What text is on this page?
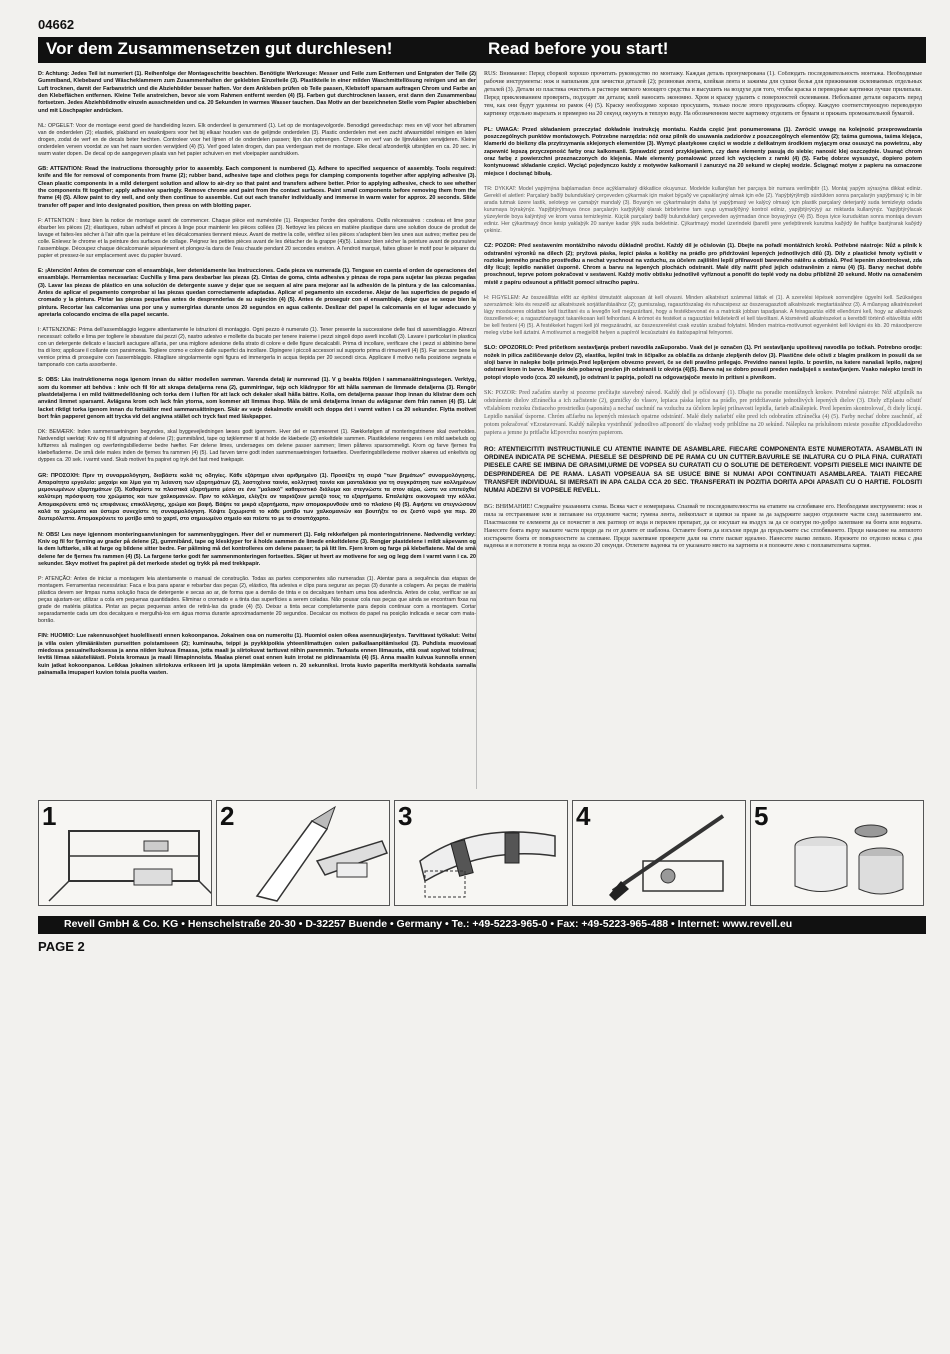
04662
Vor dem Zusammensetzen gut durchlesen!	Read before you start!

D: Achtung: Jedes Teil ist numeriert (1). Reihenfolge der Montageschritte beachten. Benötigte Werkzeuge: Messer und Feile zum Entfernen und Entgraten der Teile (2) Gummiband, Klebeband und Wäscheklammern zum Zusammenhalten der geklebten Einzelteile (3). Plastikteile in einer milden Waschmittellösung reinigen und an der Luft trocknen, damit der Farbanstrich und die Abziehbilder besser haften. Vor dem Ankleben prüfen ob Teile passen, Klebstoff sparsam auftragen Chrom und Farbe an den Klebeflächen entfernen. Kleine Teile anstreichen, bevor sie vom Rahmen entfernt werden (4) (5). Farben gut durchtrocknen lassen, erst dann den Zusammenbau fortsetzen. Jedes Abziehbildmotiv einzeln ausschneiden und ca. 20 Sekunden in warmes Wasser tauchen. Das Motiv an der bezeichneten Stelle vom Papier abschieben und mit Löschpapier andrücken.

NL: OPGELET: Voor de montage eerst goed de handleiding lezen. Elk onderdeel is genummerd (1). Let op de montagevolgorde. Benodigd gereedschap: mes en vijl voor het afbramen van de onderdelen (2); elastiek, plakband en wasknijpers voor het bij elkaar houden van de gelijmde onderdelen (3). Plastic onderdelen met een zacht afwasmiddel reinigen en laten drogen, zodat de verf en de decals beter hechten. Controleer voor het lijmen of de onderdelen passen; lijm dun opbrengen. Chroom en verf van de lijmvlakken verwijderen. Kleine onderdelen verven voordat ze van het raam worden verwijderd (4) (5). Verf goed laten drogen, dan pas verdergaan met de montage. Elke decal afzonderlijk uitsnijden en ca. 20 sec. in warm water dopen. De decal op de aangegeven plaats van het papier schuiven en met vloeipapier aandrukken.

GB: ATTENTION: Read the instructions thoroughly prior to assembly. Each component is numbered (1). Adhere to specified sequence of assembly. Tools required: knife and file for removal of components from frame (2); rubber band, adhesive tape and clothes pegs for clamping components together after applying adhesive (3). Clean plastic components in a mild detergent solution and allow to air-dry so that paint and transfers adhere better. Prior to applying adhesive, check to see whether the components fit together; apply adhesive sparingly. Remove chrome and paint from the contact surfaces. Paint small components before removing them from the frame (4) (5). Allow paint to dry well, and only then continue to assemble. Cut out each transfer individually and immerse in warm water for approx. 20 seconds. Slide transfer off paper and into designated position, then press on with blotting paper.

F: ATTENTION : lisez bien la notice de montage avant de commencer. Chaque pièce est numérotée (1). Respectez l'ordre des opérations. Outils nécessaires : couteau et lime pour ébarber les pièces (2); élastiques, ruban adhésif et pinces à linge pour maintenir les pièces collées (3). Nettoyez les pièces en matière plastique dans une solution douce de produit de lavage et faites-les sécher à l'air afin que la peinture et les décalcomanies tiennent mieux. Avant de mettre la colle, vérifiez si les pièces s'adaptent bien les unes aux autres; mettez peu de colle. Enlevez le chrome et la peinture des surfaces de collage. Peignez les petites pièces avant de les détacher de la grappe (4)(5). Laissez bien sécher la peinture avant de poursuivre l'assemblage. Découpez chaque décalcomanie séparément et plongez-la dans de l'eau chaude pendant 20 secondes environ. A l'endroit marqué, faites glisser le motif pour le séparer du papier et pressez-le sur emplacement avec du papier buvard.

E: ¡Atención! Antes de comenzar con el ensamblaje, leer detenidamente las instrucciones. Cada pieza va numerada (1). Tengase en cuenta el orden de operaciones del ensamblaje. Herramientas necesarias: Cuchilla y lima para desbarbar las piezas (2). Cintas de goma, cinta adhesiva y pinzas de ropa para sujetar las piezas pegadas (3). Lavar las piezas de plástico en una solución de detergente suave y dejar que se sequen al aire para mejorar así la adhesión de la pintura y de las calcomanías. Antes de aplicar el pegamento comprobar si las piezas quedan correctamente adaptadas. Aplicar el pegamento sin excederse. Alejar de las superficies de pegado el cromado y la pintura. Pintar las piezas pequeñas antes de desprenderlas de su sujeción (4) (5). Antes de proseguir con el ensamblaje, dejar que se seque bien la pintura. Recortar las calcomanías una por una y sumergirlas durante unos 20 segundos en agua caliente. Deslizar del papel la calcomanía en el lugar adecuado y apretarla colocando encima de ella papel secante.

I: ATTENZIONE: Prima dell'assemblaggio leggere attentamente le istruzioni di montaggio. Ogni pezzo è numerato (1). Tener presente la successione delle fasi di assemblaggio. Attrezzi necessari: coltello e lima per togliere le sbavature dai pezzi (2), nastro adesivo e mollette da bucato per tenere insieme i pezzi singoli dopo averli incollati (3). Lavare i particolari in plastica con un detergente delicato e lasciarli asciugare all'aria, per una migliore adesione della strato di colore e delle figure decalcabili. Prima di incollare, verificare che i pezzi si abbinino bene tra di loro; applicare il collante con parsimonia. Togliere cromo e colore dalle superfici da incollare. Dipingere i piccoli accessori sul supporto prima di rimuoverli (4) (5). Far seccare bene la vernice prima di proseguire con l'assemblaggio. Ritagliare singolarmente ogni figura ed immergerla in acqua tiepida per 20 secondi circa. Applicare il motivo nella posizione segnata e tamponarlo con carta assorbente.

S: OBS: Läs instruktionerna noga igenom innan du sätter modellen samman. Varenda detalj är numrerad (1). V g beakta följden i sammansättningsstegen. Verktyg, som du kommer att behöva : kniv och fil för att skrapa detaljerna rena (2), gummiringar, tejp och klädnypor för att hålla samman de limmade detaljerna (3). Rengör plastdetaljerna i en mild tvättmedellösning och torka dem i luften för att lack och dekaler skall hålla bättre. Kolla, om detaljerna passar ihop innan du klistrar dem och använd limmet sparsamt. Avlägsna krom och lack från ytorna, som kommer att limmas ihop. Måla de små detaljerna innan du avlägsnar dem från ramen (4) (5). Låt lacket riktigt torka igenom innan du fortsätter med sammansättningen. Skär av varje dekalmotiv enskilt och doppa det i varmt vatten i ca 20 sekunder. Flytta motivet bort från papperet genom att trycka vid det angivna stället och tryck fast med läskpapper.

DK: BEMÆRK: Inden sammensætningen begyndes, skal byggevejledningen læses godt igennem. Hver del er nummereret (1). Rækkefølgen af monteringstrinene skal overholdes. Nødvendigt værktøj: Kniv og fil til afgratning af delene (2); gummibånd, tape og tøjklemmer til at holde de klæbede (3) enkeltdele sammen. Plastikdelene rengøres i en mild sæbeluds og lufttørres så malingen og overføringsbillederne bedre hæfter. Før delene limes, undersøges om delene passer sammen; limen påføres sparsommeligt. Krom og farve fjernes fra klæbefladerne. De små dele males inden de fjernes fra rammen (4) (5). Lad farven tørre godt inden sammensætningen fortsættes. Overføringsbillederne motiver skæres ud enkeltvis og dyppes ca. 20 sek. i varmt vand. Skub motivet fra papiret og tryk det fast med trækpapir.

GR: ΠΡΟΣΟΧΗ: Πριν τη συναρμολόγηση, διαβάστε καλά τις οδηγίες. Κάθε εξάρτημα είναι αριθμημένο (1). Προσέξτε τη σειρά "των βημάτων" συναρμολόγησης. Απαραίτητα εργαλεία: μαχαίρι και λίμα για τη λείανση των εξαρτημάτων (2), λαστιχένια ταινία, κολλητική ταινία και μανταλάκια για τη συγκράτηση των κολλημένων μεμονωμένων εξαρτημάτων (3). Καθαρίστε τα πλαστικά εξαρτήματα μέσα σε ένα "μαλακό" καθαριστικό διάλυμα και στεγνώστε τα στον αέρα, ώστε να επιτεύχθεί καλύτερη πρόσφυση του χρώματος και των χαλκομανιών. Πριν το κόλλημα, ελέγξτε αν ταιριάζουν μεταξύ τους τα εξαρτήματα. Επαλείψτε οικονομικά την κόλλα. Απομακρύνετε από τις επιφάνειες επικόλλησης, χρώμα και βαφή. Βάψτε τα μικρά εξαρτήματα, πριν απομακρυνθούν από το πλαίσιο (4) (5). Αφήστε να στεγνώσουν καλά τα χρώματα και ύστερα συνεχίστε τη συναρμολόγηση. Κόψτε ξεχωριστά το κάθε μοτίβο των χαλκομανιών και βουτήξτε το σε ζεστό νερό για περ. 20 δευτερόλεπτα. Απομακρύνετε το μοτίβο από το χαρτί, στο σημειωμένο σημείο και πιέστε το με το στουπόχαρτο.

N: OBS! Les nøye igjennom monteringsanvisningen for sammenbyggingen. Hver del er nummerert (1). Følg rekkefølgen på monteringstrinnene. Nødvendig verktøy: Kniv og fil for fjerning av grader på delene (2), gummibånd, tape og klesklyper for å holde sammen de limede enkeltdelene (3). Rengjør plastdelene i mildt såpevann og la dem lufttørke, slik at farge og bildene sitter bedre. Før påliming må det kontrolleres om delene passer; ta på litt lim. Fjern krom og farge på klebeflatene. Mal de små delene før de fjernes fra rammen (4) (5). La fargene tørke godt før sammenmonteringen fortsettes. Skjær ut hvert av motivene for seg og legg dem i varmt vann i ca. 20 sekunder. Skyv motivet fra papiret på det merkede stedet og trykk på med trekkpapir.

P: ATENÇÃO: Antes de iniciar a montagem leia atentamente o manual de construção. Todas as partes componentes são numeradas (1). Atentar para a sequência das etapas de montagem. Ferramentas necessárias: Faca e lixa para aparar e rebarbar das peças (2), elástico, fita adesiva e clips para segurar as peças (3) durante a colagem. As peças de matéria plástica devem ser limpas numa solução fraca de detergente e secas ao ar, de forma que a demão de tinta e os decalques tenham uma boa aderência. Antes de colar, verificar se as peças ajustam-se; utilizar a cola em pequenas quantidades. Eliminar o cromado e a tinta das superfícies a serem coladas. Não pousar cola nas peças que ainda se encontram fixas na grade de matéria plástica. Pintar as peças pequenas antes de retirá-las da grade (4) (5). Deixar a tinta secar completamente para depois continuar com a montagem. Cortar separadamente cada um dos decalques e mergulhá-los em água morna durante aproximadamente 20 segundos. Decalcar os motivos do papel na posição indicada e secar com mata-borrão.

FIN: HUOMIO: Lue rakennusohjeet huolellisesti ennen kokoonpanoa. Jokainen osa on numeroitu (1). Huomioi osien oikea asennusjärjestys. Tarvittavat työkalut: Veitsi ja viila osien ylimääräisten purseitten poistamiseen (2); kuminauha, teippi ja pyykkipoikia yhteenliimattujen osien paikallaanpitämiseksi (3). Puhdista muoviosat miedossa pesuainelluoksessa ja anna niiden kuivua ilmassa, jotta maali ja siirtokuvat tarttuvat niihin paremmin. Tarkasta ennen liimausta, että osat sopivat toisiinsa; levitä liimaa säästeliäästi. Poista kromaus ja maali liimapinnoista. Maalaa pienet osat ennen kuin irrotat ne pidinraamista (4) (5). Anna maalin kuivua kunnolla ennen kuin jatkat kokoonpanoa. Leikkaa jokainen siirtokuva erikseen irti ja upota lämpimään veteen n. 20 sekunniksi. Irrota kuvio paperilta merkitystä kohdasta samalla painamalla imupaperi kuvion toisia puolta vasten.

RUS: Внимание: Перед сборкой хорошо прочитать руководство по монтажу. Каждая деталь пронумерована (1). Соблюдать последовательность монтажа. Необходимые рабочие инструменты: нож и напильник для зачистки деталей (2); резиновая лента, клейкая лента и зажимы для сушки белья для прижимания склеиваемых отдельных деталей (3). Детали из пластика очистить в растворе мягкого моющего средства и высушить на воздухе для того, чтобы краска и переводные картинки лучше прилипали. Перед приклеиванием проверить, подходят ли детали; клей наносить экономно. Хром и краску удалить с поверхностей склеивания. Небольшие детали окрасить перед тем, как они будут удалены из рамок (4) (5). Краску необходимо хорошо просушить, только после этого продолжать сборку. Каждую соответствующую переводную картинку отдельно вырезать и примерно на 20 секунд окунуть в теплую воду. На обозначенном месте картинку отделить от бумаги и прижать промокательной бумагой.

PL: UWAGA: Przed składaniem przeczytać dokładnie instrukcję montażu. Każda część jest ponumerowana (1). Zwrócić uwagę na kolejność przeprowadzania poszczególnych punktów montażowych. Potrzebne narzędzia: nóż oraz pilnik do usuwania zadziorów z poszczególnych elementów (2); taśma gumowa, taśma klejąca, klamerki do bielizny dla przytrzymania sklejonych elementów (3). Wymyć plastykowe części w wodzie z delikatnym środkiem myjącym oraz osuszyć na powietrzu, aby zapewnić lepszą przyczepność farby oraz kalkomanii. Sprawdzić przed przyklejaniem, czy dane elementy pasują do siebie; nanosić klej oszczędnie. Usunąć chrom oraz farbę z powierzchni przeznaczonych do klejenia. Małe elementy pomalować przed ich wycięciem z ramki (4) (5). Farbę dobrze wysuszyć, dopiero potem kontynuować składanie części. Wyciąć pojedynczo każdy z motywów kalkomanii i zanurzyć na 20 sekund w ciepłej wodzie. Ściągnąć motyw z papieru na oznaczone miejsce i docisnąć bibułą.

TR: DYKKAT: Model yapýmýna baþlamadan önce açýklamalarý dikkatlice okuyunuz. Modelde kullanýlan her parçaya bir numara verilmiþtir (1). Montaj yapým sýrasýna dikkat ediniz. Gerekli el aletleri: Parçalarý baðlý bulunduklarý çerçeveden çýkarmak için maket býçaðý ve çapaklarýný almak için eðe (2). Yapýþtýrýlmýþ sürdükten sonra parçalarýn yapýþmasý iç in bir arada tutmak üzere lastik, seloteyp ve çamaþýr mandalý (3). Boyanýn ve çýkartmalarýn daha iyi yapýþmasý ve kalýcý olmasý için plastik parçalarý deterjanlý suda temizleyip odada kurumaya býrakýnýz. Yapýþtýrýlmaya önce parçalarýn karþýlýklý olarak birbirlerine tam uyup uymadýðýný kontrol ediniz, yapýþtýrýcýyý az miktarda kullanýnýz. Yapýþtýrýlacak yüzeylerde boya kalýntýsý ve krom varsa temizleyiniz. Küçük parçalarý baðlý bulunduklarý çerçeveden ayýrmadan önce boyayýnýz (4) (5). Boya iyice kuruduktan sonra montaja devam ediniz. Her çýkartmayý önce kesip yaklaþýk 20 saniye kadar ýlýk suda bekletiniz. Çýkartmayý model üzerindeki iþaretli yere yerleþtirerek kurutma kaðýdý ile hafifçe bastýrarak kaðýdý çekiniz.

CZ: POZOR: Před sestavením montážního návodu důkladně pročíst. Každý díl je očíslován (1). Dbejte na pořadí montážních kroků. Potřebné nástroje: Nůž a pilník k odstranění výronků na dílech (2); pryžová páska, lepicí páska a kolíčky na prádlo pro přidržování lepených jednotlivých dílů (3). Díly z plastické hmoty vyčistit v roztoku jemného pracího prostředku a nechat vyschnout na vzduchu, za účelem zajištění lepší přilnavosti barevného nátěru a obtisků. Před lepením zkontrolovat, zda díly lícují; lepidlo nanášet úsporně. Chrom a barvu na lepených plochách odstranit. Malé díly natřít před jejich odstraněním z rámu (4) (5). Barvy nechat dobře proschnout, teprve potom pokračovat v sestavení. Každý motiv obtisku jednotlivě vyříznout a ponořit do teplé vody na dobu přibližně 20 sekund. Motiv na označeném místě z papíru odsunout a přitlačit pomocí sitracího papíru.

H: FIGYELEM: Az összeállítás előtt az építési útmutatót alaposan át kell olvasni. Minden alkatrészt számmal láttak el (1). A szerelési lépések sorrendjére ügyelni kell. Szükséges szerszámok: kés és reszelő az alkatrészek sorjátlanításához (2); gumiszalag, ragasztószalag és ruhacsipesz az összeragasztott alkatrészek megtartásához (3). A műanyag alkatrészeket lágy mosószeres oldatban kell tisztítani és a levegőn kell megszárítani, hogy a festékbevonat és a matricák jobban tapadjanak. A feiragasztás előtt ellenőrizni kell, hogy az alkatrészek összeillenek-e; a ragasztóanyagot takarékosan kell felhordani. A krómot és festéket a ragasztási felületekről el kell távolítani. A kisméretű alkatrészeket a keretből történő eltávolítás előtt be kell festeni (4) (5). A festékeket hagyni kell jól megszáradni, az összeszerelést csak ezután szabad folytatni. Minden matrica-motívumot egyenként kell kivágni és kb. 20 másodpercre meleg vízbe kell áztatni. A motívumot a megjelölt helyen a papírról lecsúsztatni és itatóspapírral felnyomni.

SLO: OPOZORILO: Pred pričetkom sestavljanja preberi navodila zaEuporabo. Vsak del je označen (1). Pri sestavljanju upoštevaj navodila po točkah. Potrebno orodje: nožek in pilica začiščevanje delov (2), elastika, lepilni trak in ščipalke za oblačila za držanje zlepljenih delov (3). Plastične dele očisti z blagim praškom in posuši da se sloji barve in nalepke bolje primejo.Pred lepljenjem obvezno preveri, če se deli pravilno prilegajo. Previdno nanesi lepilo. Iz površin, na katere nanašaš lepilo, najprej odstrani krom in barvo. Manjše dele pobarvaj preden jih odstraniš iz okvirja (4)(5). Barva naj se dobro posuši preden nadaljuješ s sestavljanjem. Vsako nalepko izreži in potopi vtoplo vodo (cca. 20 sekund), jo odstrani iz papirja, položi na odgovarjajoče mesto in pritisni s pivnikom.

SK: POZOR: Pred začatím stavby si pozorne prečítajte stavebný návod. Každý diel je očíslovaný (1). Dbajte na poradie montážnych krokov. Potrebné nástroje: Nôž aEpilník na odstránenie dielov zEránečka a ich začistenie (2), gumičky do vlasov, lepiaca páska lepice na prádlo, pre pridržiavanie jednotlivých lepených dielov (3). Diely zEplastu očistiť vEslabšom roztoku čistiaceho prostriedku (saponátu) a nechať uschnúť na vzduchu za účelom lepšej prilnavosti lepidla, farieb aEnálepiek. Pred lepením skontrolovať, či diely lícujú. Lepidlo nanášať úsporne. Chróm aEfarbu na lepených miestach opatrne odstrániť. Malé diely nafarbiť ešte pred ich odobratím zEránečka (4) (5). Farby nechať dobre zaschnúť, až potom pokračovať vEzostavovaní. Každý nálepku vystrihnúť jednotlivo aEponoriť do vlažnej vody približne na 20 sekúnd. Nálepku na príslušnom mieste posuňte zEpodkladového papiera a jemne ju pritlačte kEpovrchu nosným papierom.

RO: ATENTIEICITITI INSTRUCTIUNILE CU ATENTIE INAINTE DE ASAMBLARE. FIECARE COMPONENTA ESTE NUMEROTATA. ASAMBLATI IN ORDINEA INDICATA PE SCHEMA. PIESELE SE DESPRIND DE PE RAMA CU UN CUTTER.BAVURILE SE INLATURA CU O PILA FINA. CURATATI PIESELE CARE SE IMBINA DE GRASIMI,URME DE VOPSEA SU CURATATI CU O SOLUTIE DE DETERGENT. VOPSITI PIESELE MICI INAINTE DE DESPRINDEREA DE PE RAMA. LASATI VOPSEAUA SA SE USUCE BINE SI NUMAI APOI CONTINUATI ASAMBLAREA. TAIATI FIECARE TRANSFER INDIVIDUAL SI IMERSATI IN APA CALDA CCA 20 SEC. TRANSFERATI IN POZITIA DORITA APOI APASATI CU O HARTIE. FOLOSITI NUMAI ADEZIVI SI VOPSELE REVELL.

BG: ВНИМАНИЕ! Следвайте указанията схема. Всяка част е номерирана. Спазвай те последователността на етапите на сглобяване его. Необходими инструменти: нож и пила за отстраняване или и зиглаване на отделните части; гумена лента, лейкопласт и щипки за пране за да задържите заедно отделните части след залепването им. Пластмасови те елементи да се почистят в лек разтвор от вода и перилен препарат, да се изсушат на въздух за да се осигури по-добро залепване на боята или водната. Нанесете боята върху малките части преди да ги от делите от шаблона. Оставете боята да изсъхне преди да продължите със сглобяването. Преди нанасяне на лепилото изстържете боята от повърхностите за слепване. Преди залепване проверете дали на стите пасват идеално. Нанесете малко лепило. Изрежете по отделно всяка с дна ваденка и я потопете в топла вода за около 20 секунди. Отлепете ваденка та от указанато място на хартията и я положете леко с поплавателната хартия.

1	2	3	4	5
Revell GmbH & Co. KG • Henschelstraße 20-30 • D-32257 Buende • Germany • Te.: +49-5223-965-0 • Fax: +49-5223-965-488 • Internet: www.revell.eu
PAGE 2
